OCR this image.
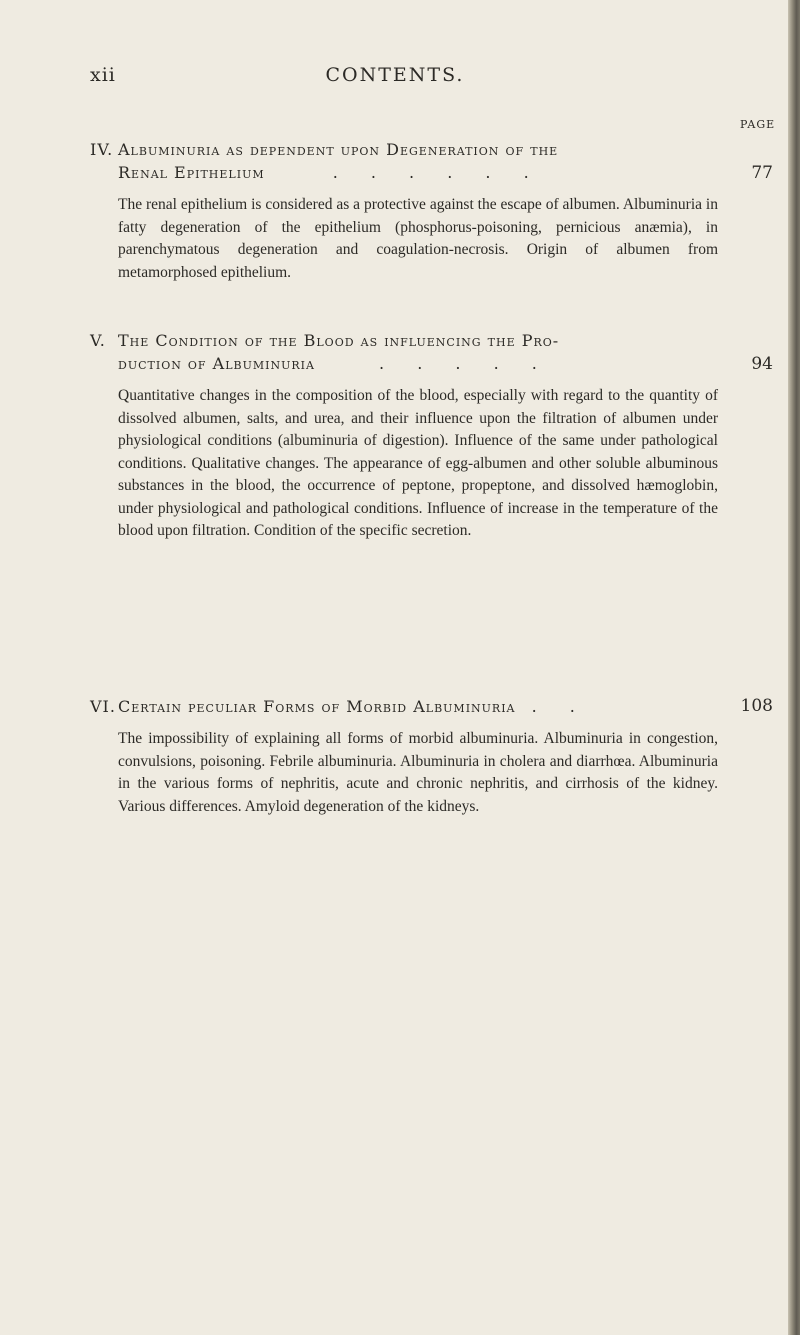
xii	CONTENTS.
PAGE
IV. Albuminuria as dependent upon Degeneration of the
Renal Epithelium	. . . . . .	77

The renal epithelium is considered as a protective against the escape of albumen. Albuminuria in fatty degeneration of the epithelium (phosphorus-poisoning, pernicious anæmia), in parenchymatous degeneration and coagulation-necrosis. Origin of albumen from metamorphosed epithelium.

V. The Condition of the Blood as influencing the Pro-
duction of Albuminuria	. . . . .	94

Quantitative changes in the composition of the blood, especially with regard to the quantity of dissolved albumen, salts, and urea, and their influence upon the filtration of albumen under physiological conditions (albuminuria of digestion). Influence of the same under pathological conditions. Qualitative changes. The appearance of egg-albumen and other soluble albuminous substances in the blood, the occurrence of peptone, propeptone, and dissolved hæmoglobin, under physiological and pathological conditions. Influence of increase in the temperature of the blood upon filtration. Condition of the specific secretion.

VI. Certain peculiar Forms of Morbid Albuminuria . .	108

The impossibility of explaining all forms of morbid albuminuria. Albuminuria in congestion, convulsions, poisoning. Febrile albuminuria. Albuminuria in cholera and diarrhœa. Albuminuria in the various forms of nephritis, acute and chronic nephritis, and cirrhosis of the kidney. Various differences. Amyloid degeneration of the kidneys.
